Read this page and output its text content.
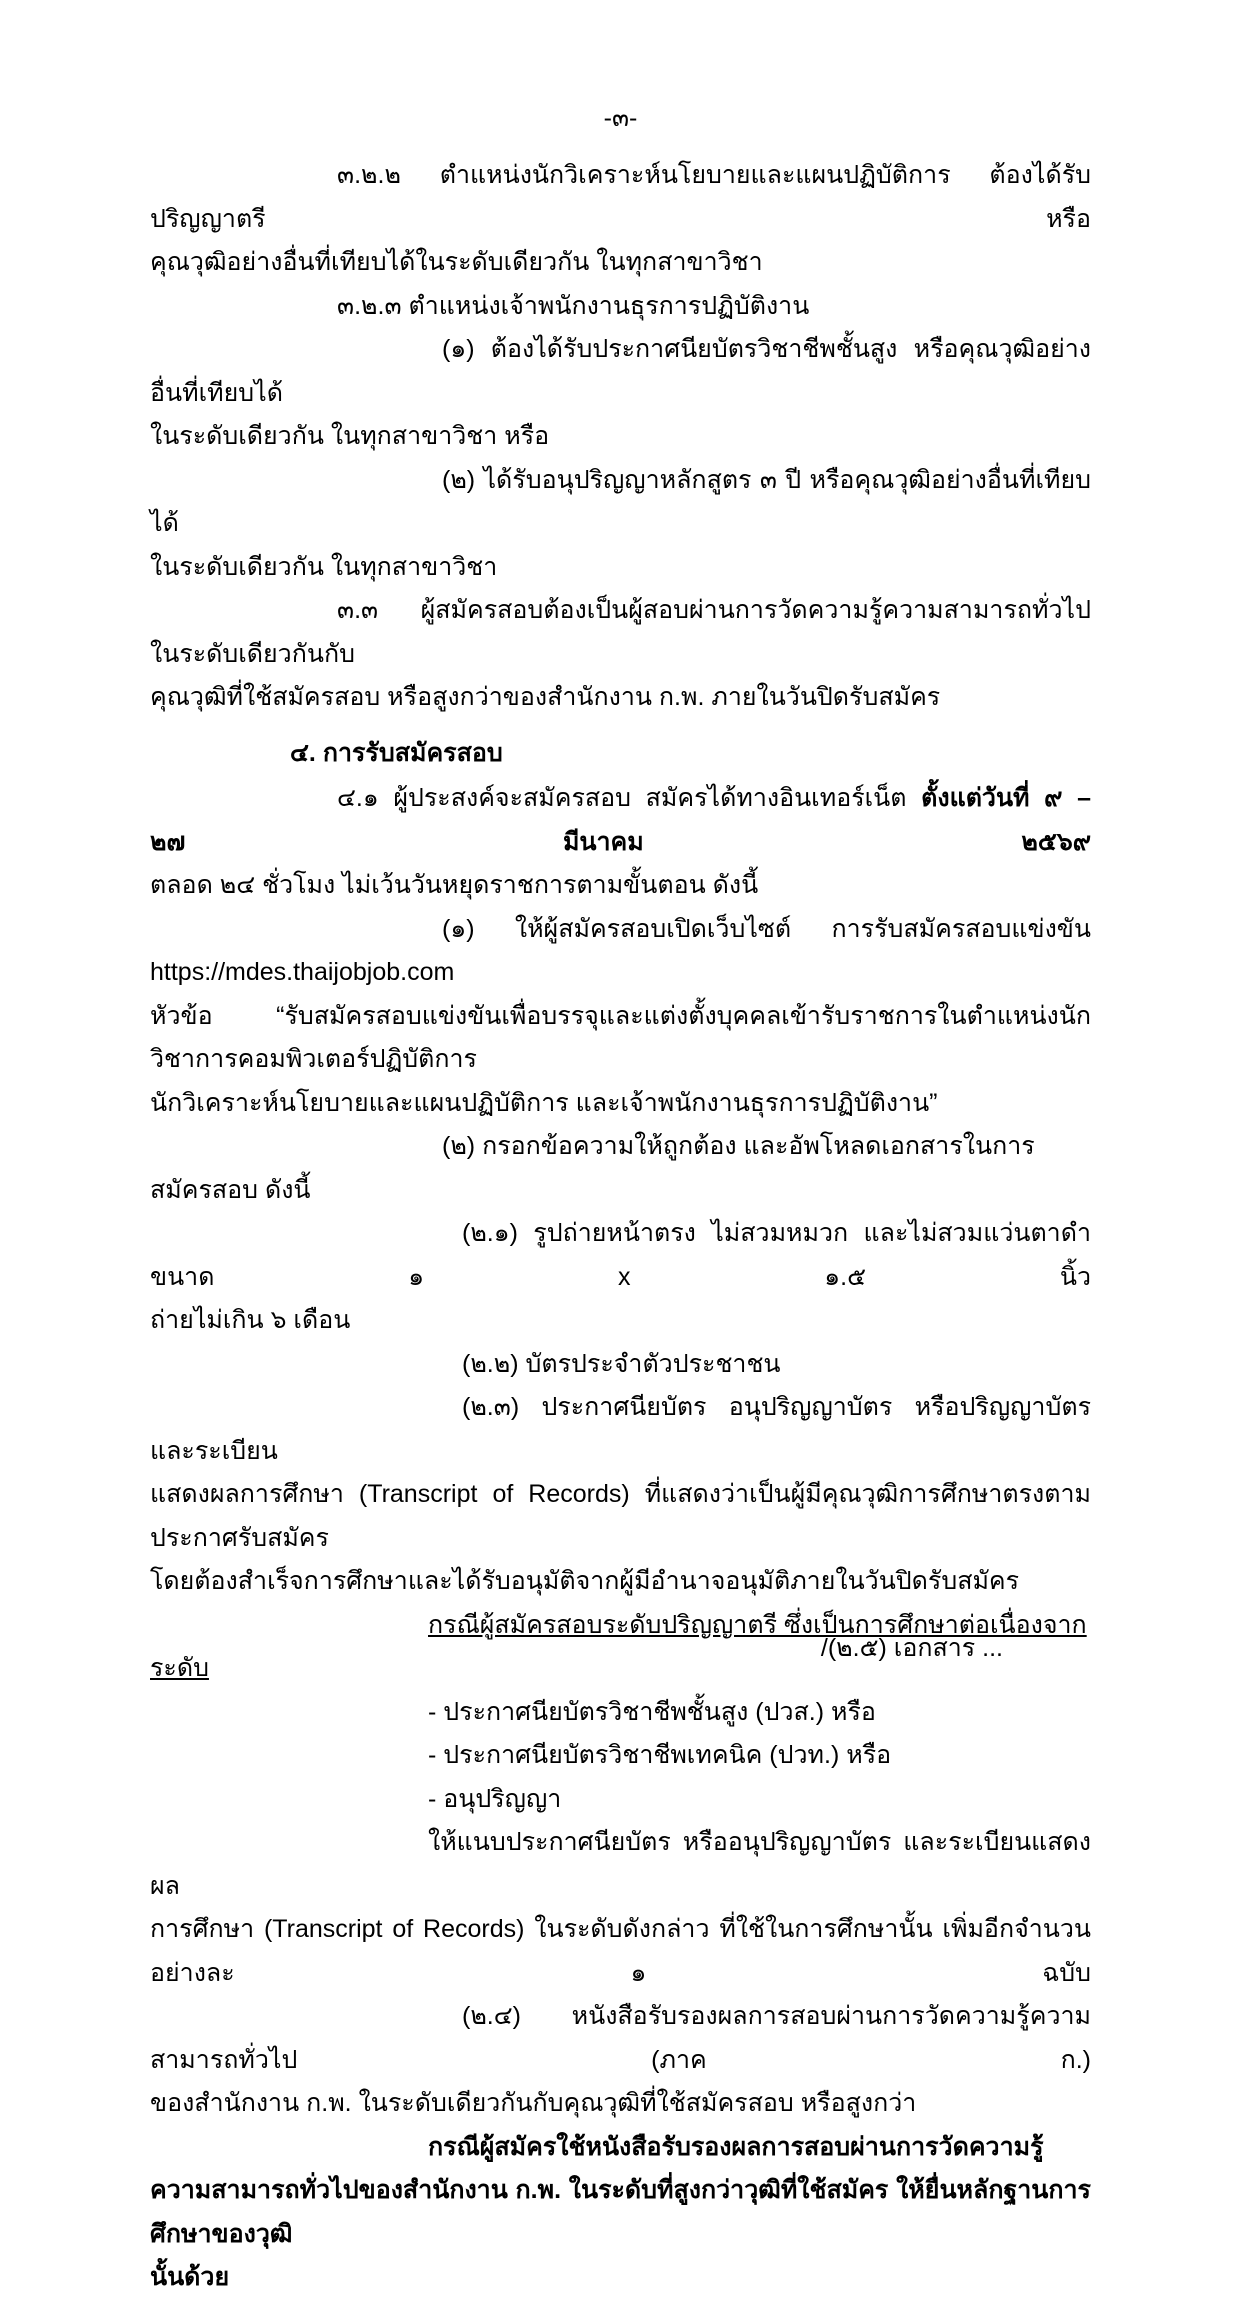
-๓-
๓.๒.๒ ตำแหน่งนักวิเคราะห์นโยบายและแผนปฏิบัติการ ต้องได้รับปริญญาตรี หรือ
คุณวุฒิอย่างอื่นที่เทียบได้ในระดับเดียวกัน ในทุกสาขาวิชา
๓.๒.๓ ตำแหน่งเจ้าพนักงานธุรการปฏิบัติงาน
(๑) ต้องได้รับประกาศนียบัตรวิชาชีพชั้นสูง หรือคุณวุฒิอย่างอื่นที่เทียบได้
ในระดับเดียวกัน ในทุกสาขาวิชา หรือ
(๒) ได้รับอนุปริญญาหลักสูตร ๓ ปี หรือคุณวุฒิอย่างอื่นที่เทียบได้
ในระดับเดียวกัน ในทุกสาขาวิชา
๓.๓ ผู้สมัครสอบต้องเป็นผู้สอบผ่านการวัดความรู้ความสามารถทั่วไป ในระดับเดียวกันกับ
คุณวุฒิที่ใช้สมัครสอบ หรือสูงกว่าของสำนักงาน ก.พ. ภายในวันปิดรับสมัคร
๔. การรับสมัครสอบ
๔.๑ ผู้ประสงค์จะสมัครสอบ สมัครได้ทางอินเทอร์เน็ต ตั้งแต่วันที่ ๙ – ๒๗ มีนาคม ๒๕๖๙
ตลอด ๒๔ ชั่วโมง ไม่เว้นวันหยุดราชการตามขั้นตอน ดังนี้
(๑) ให้ผู้สมัครสอบเปิดเว็บไซต์ การรับสมัครสอบแข่งขัน https://mdes.thaijobjob.com
หัวข้อ “รับสมัครสอบแข่งขันเพื่อบรรจุและแต่งตั้งบุคคลเข้ารับราชการในตำแหน่งนักวิชาการคอมพิวเตอร์ปฏิบัติการ
นักวิเคราะห์นโยบายและแผนปฏิบัติการ และเจ้าพนักงานธุรการปฏิบัติงาน”
(๒) กรอกข้อความให้ถูกต้อง และอัพโหลดเอกสารในการสมัครสอบ ดังนี้
(๒.๑) รูปถ่ายหน้าตรง ไม่สวมหมวก และไม่สวมแว่นตาดำ ขนาด ๑ x ๑.๕ นิ้ว
ถ่ายไม่เกิน ๖ เดือน
(๒.๒) บัตรประจำตัวประชาชน
(๒.๓) ประกาศนียบัตร อนุปริญญาบัตร หรือปริญญาบัตร และระเบียน
แสดงผลการศึกษา (Transcript of Records) ที่แสดงว่าเป็นผู้มีคุณวุฒิการศึกษาตรงตามประกาศรับสมัคร
โดยต้องสำเร็จการศึกษาและได้รับอนุมัติจากผู้มีอำนาจอนุมัติภายในวันปิดรับสมัคร
กรณีผู้สมัครสอบระดับปริญญาตรี ซึ่งเป็นการศึกษาต่อเนื่องจากระดับ
- ประกาศนียบัตรวิชาชีพชั้นสูง (ปวส.) หรือ
- ประกาศนียบัตรวิชาชีพเทคนิค (ปวท.) หรือ
- อนุปริญญา
ให้แนบประกาศนียบัตร หรืออนุปริญญาบัตร และระเบียนแสดงผล
การศึกษา (Transcript of Records) ในระดับดังกล่าว ที่ใช้ในการศึกษานั้น เพิ่มอีกจำนวนอย่างละ ๑ ฉบับ
(๒.๔) หนังสือรับรองผลการสอบผ่านการวัดความรู้ความสามารถทั่วไป (ภาค ก.)
ของสำนักงาน ก.พ. ในระดับเดียวกันกับคุณวุฒิที่ใช้สมัครสอบ หรือสูงกว่า
กรณีผู้สมัครใช้หนังสือรับรองผลการสอบผ่านการวัดความรู้
ความสามารถทั่วไปของสำนักงาน ก.พ. ในระดับที่สูงกว่าวุฒิที่ใช้สมัคร ให้ยื่นหลักฐานการศึกษาของวุฒิ
นั้นด้วย
/(๒.๕) เอกสาร ...
